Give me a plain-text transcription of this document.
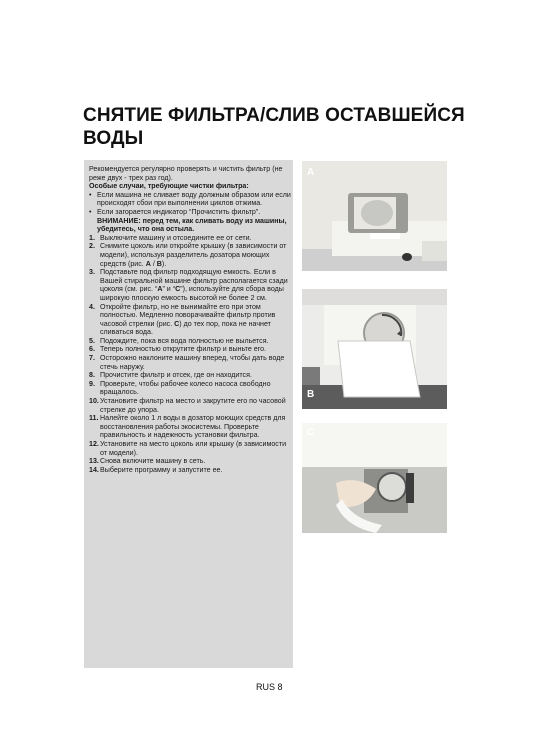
СНЯТИЕ ФИЛЬТРА/СЛИВ ОСТАВШЕЙСЯ ВОДЫ

Рекомендуется регулярно проверять и чистить фильтр (не реже двух - трех раз год).

Особые случаи, требующие чистки фильтра:

• Если машина не сливает воду должным образом или если происходят сбои при выполнении циклов отжима.
• Если загорается индикатор “Прочистить фильтр”.

ВНИМАНИЕ: перед тем, как сливать воду из машины, убедитесь, что она остыла.

1. Выключите машину и отсоедините ее от сети.
2. Снимите цоколь или откройте крышку (в зависимости от модели), используя разделитель дозатора моющих средств (рис. A / B).
3. Подставьте под фильтр подходящую емкость. Если в Вашей стиральной машине фильтр располагается сзади цоколя (см. рис. “A” и “C”), используйте для сбора воды широкую плоскую емкость высотой не более 2 см.
4. Откройте фильтр, но не вынимайте его при этом полностью. Медленно поворачивайте фильтр против часовой стрелки (рис. C) до тех пор, пока не начнет сливаться вода.
5. Подождите, пока вся вода полностью не выльется.
6. Теперь полностью открутите фильтр и выньте его.
7. Осторожно наклоните машину вперед, чтобы дать воде стечь наружу.
8. Прочистите фильтр и отсек, где он находится.
9. Проверьте, чтобы рабочее колесо насоса свободно вращалось.
10. Установите фильтр на место и закрутите его по часовой стрелке до упора.
11. Налейте около 1 л воды в дозатор моющих средств для восстановления работы экосистемы. Проверьте правильность и надежность установки фильтра.
12. Установите на место цоколь или крышку (в зависимости от модели).
13. Снова включите машину в сеть.
14. Выберите программу и запустите ее.
A
B
C
RUS 8
